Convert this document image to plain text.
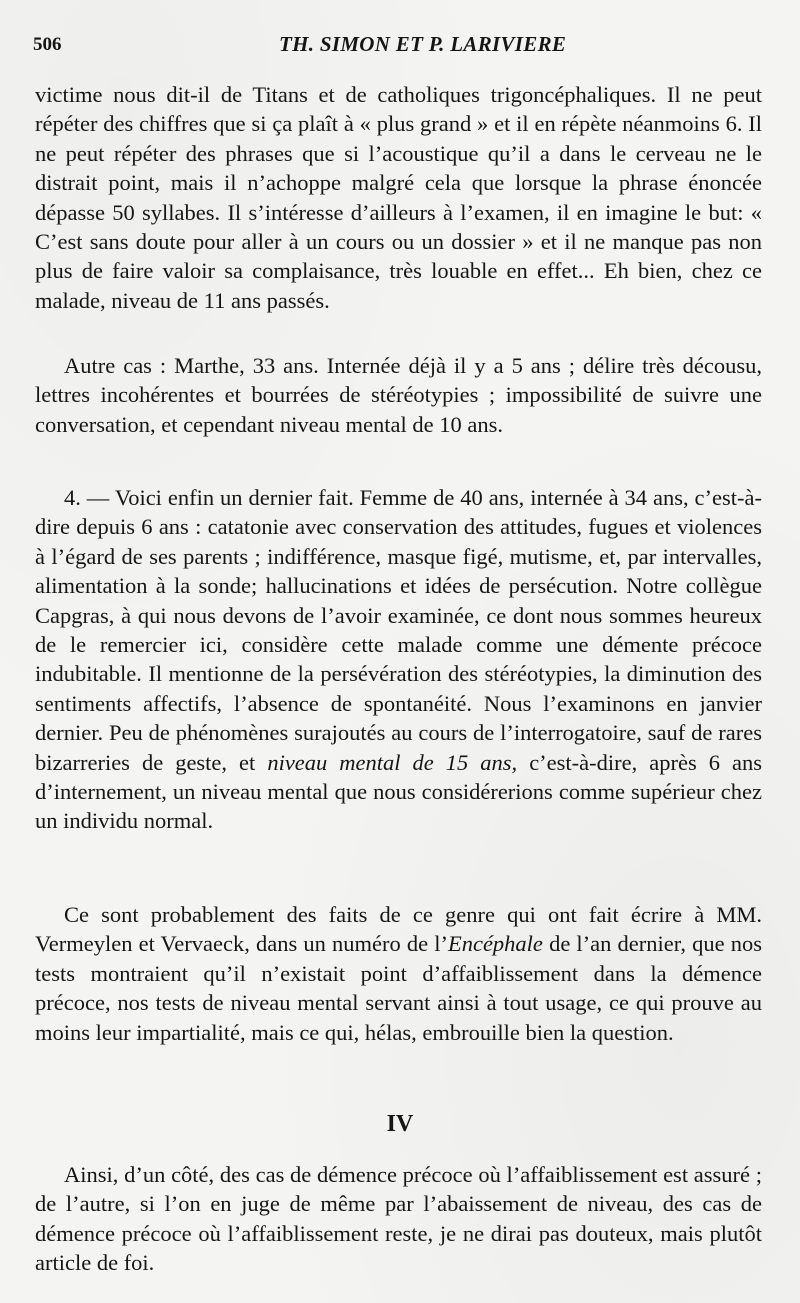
506	TH. SIMON ET P. LARIVIERE

victime nous dit-il de Titans et de catholiques trigoncéphaliques. Il ne peut répéter des chiffres que si ça plaît à « plus grand » et il en répète néanmoins 6. Il ne peut répéter des phrases que si l’acoustique qu’il a dans le cerveau ne le distrait point, mais il n’achoppe malgré cela que lorsque la phrase énoncée dépasse 50 syllabes. Il s’intéresse d’ailleurs à l’examen, il en imagine le but: « C’est sans doute pour aller à un cours ou un dossier » et il ne manque pas non plus de faire valoir sa complaisance, très louable en effet... Eh bien, chez ce malade, niveau de 11 ans passés.

Autre cas : Marthe, 33 ans. Internée déjà il y a 5 ans ; délire très décousu, lettres incohérentes et bourrées de stéréotypies ; impossibilité de suivre une conversation, et cependant niveau mental de 10 ans.

4. — Voici enfin un dernier fait. Femme de 40 ans, internée à 34 ans, c’est-à-dire depuis 6 ans : catatonie avec conservation des attitudes, fugues et violences à l’égard de ses parents ; indifférence, masque figé, mutisme, et, par intervalles, alimentation à la sonde; hallucinations et idées de persécution. Notre collègue Capgras, à qui nous devons de l’avoir examinée, ce dont nous sommes heureux de le remercier ici, considère cette malade comme une démente précoce indubitable. Il mentionne de la persévération des stéréotypies, la diminution des sentiments affectifs, l’absence de spontanéité. Nous l’examinons en janvier dernier. Peu de phénomènes surajoutés au cours de l’interrogatoire, sauf de rares bizarreries de geste, et niveau mental de 15 ans, c’est-à-dire, après 6 ans d’internement, un niveau mental que nous considérerions comme supérieur chez un individu normal.

Ce sont probablement des faits de ce genre qui ont fait écrire à MM. Vermeylen et Vervaeck, dans un numéro de l’Encéphale de l’an dernier, que nos tests montraient qu’il n’existait point d’affaiblissement dans la démence précoce, nos tests de niveau mental servant ainsi à tout usage, ce qui prouve au moins leur impartialité, mais ce qui, hélas, embrouille bien la question.

IV

Ainsi, d’un côté, des cas de démence précoce où l’affaiblissement est assuré ; de l’autre, si l’on en juge de même par l’abaissement de niveau, des cas de démence précoce où l’affaiblissement reste, je ne dirai pas douteux, mais plutôt article de foi.
